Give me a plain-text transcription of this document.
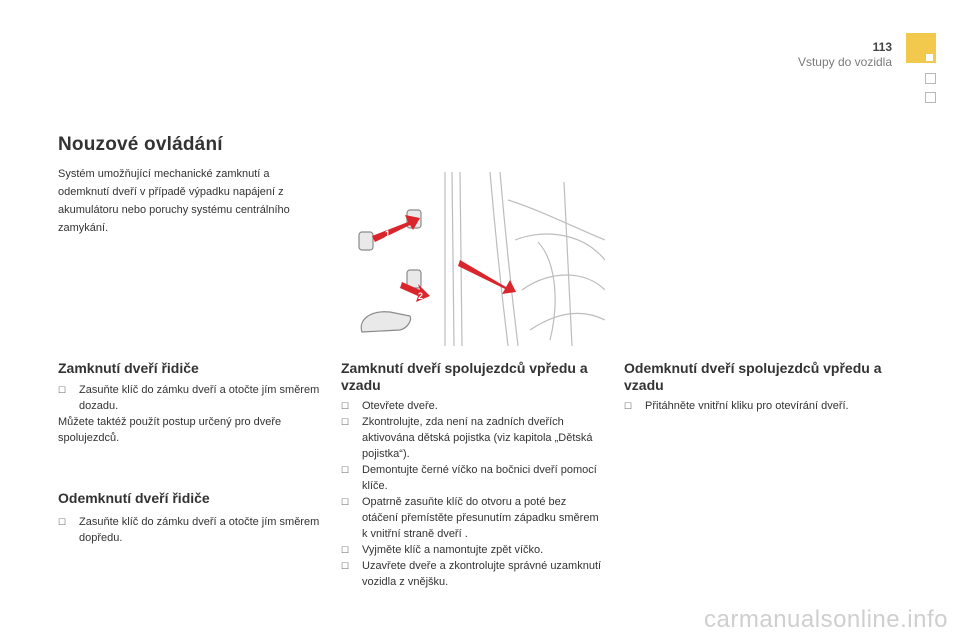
113
Vstupy do vozidla
Nouzové ovládání
Systém umožňující mechanické zamknutí a odemknutí dveří v případě výpadku napájení z akumulátoru nebo poruchy systému centrálního zamykání.	1
2
Zamknutí dveří řidiče
☐ Zasuňte klíč do zámku dveří a otočte jím směrem dozadu.
Můžete taktéž použít postup určený pro dveře spolujezdců.
Odemknutí dveří řidiče
☐ Zasuňte klíč do zámku dveří a otočte jím směrem dopředu.
Zamknutí dveří spolujezdců vpředu a vzadu
☐ Otevřete dveře.
☐ Zkontrolujte, zda není na zadních dveřích aktivována dětská pojistka (viz kapitola „Dětská pojistka“).
☐ Demontujte černé víčko na bočnici dveří pomocí klíče.
☐ Opatrně zasuňte klíč do otvoru a poté bez otáčení přemístěte přesunutím západku směrem k vnitřní straně dveří .
☐ Vyjměte klíč a namontujte zpět víčko.
☐ Uzavřete dveře a zkontrolujte správné uzamknutí vozidla z vnějšku.
Odemknutí dveří spolujezdců vpředu a vzadu
☐ Přitáhněte vnitřní kliku pro otevírání dveří.
carmanualsonline.info
